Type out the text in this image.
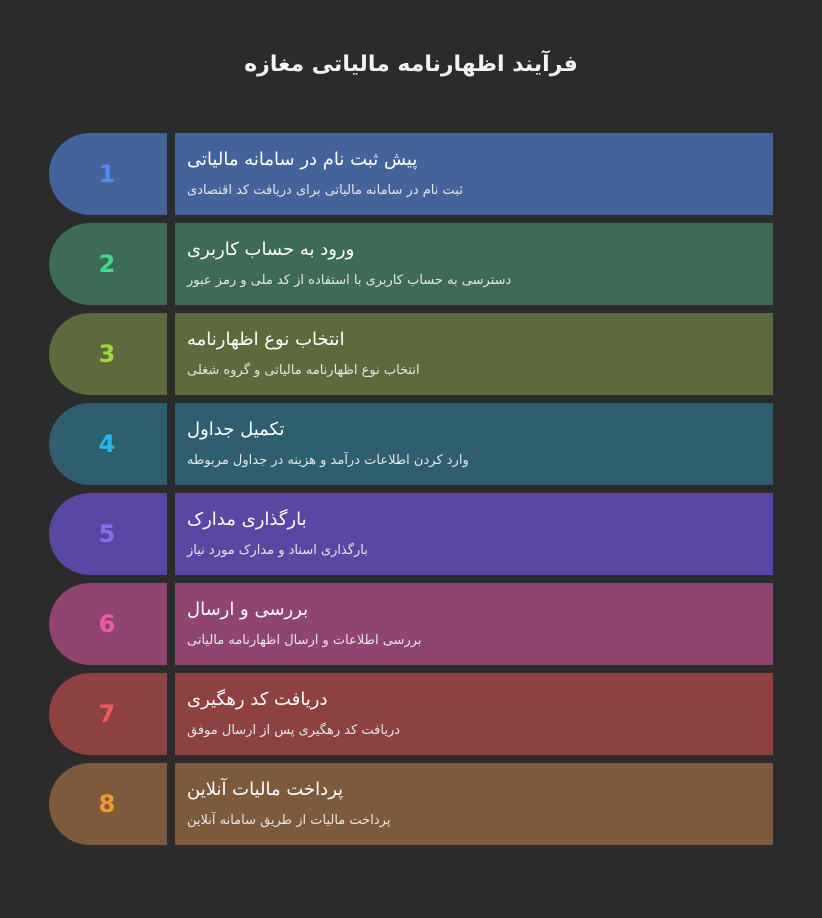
فرآیند اظهارنامه مالیاتی مغازه
1
پیش ثبت نام در سامانه مالیاتی
ثبت نام در سامانه مالیاتی برای دریافت کد اقتصادی
2
ورود به حساب کاربری
دسترسی به حساب کاربری با استفاده از کد ملی و رمز عبور
3
انتخاب نوع اظهارنامه
انتخاب نوع اظهارنامه مالیاتی و گروه شغلی
4
تکمیل جداول
وارد کردن اطلاعات درآمد و هزینه در جداول مربوطه
5
بارگذاری مدارک
بارگذاری اسناد و مدارک مورد نیاز
6
بررسی و ارسال
بررسی اطلاعات و ارسال اظهارنامه مالیاتی
7
دریافت کد رهگیری
دریافت کد رهگیری پس از ارسال موفق
8
پرداخت مالیات آنلاین
پرداخت مالیات از طریق سامانه آنلاین
